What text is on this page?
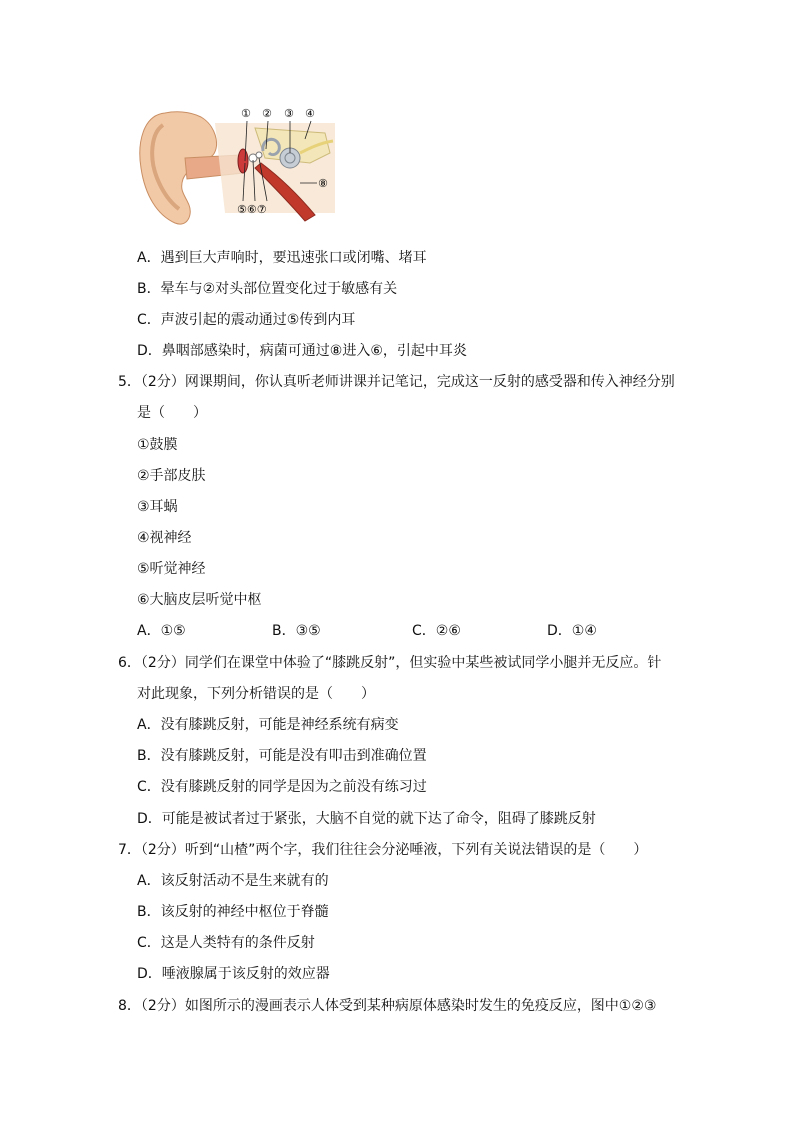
① ② ③ ④
⑤⑥⑦
⑧
A．遇到巨大声响时，要迅速张口或闭嘴、堵耳
B．晕车与②对头部位置变化过于敏感有关
C．声波引起的震动通过⑤传到内耳
D．鼻咽部感染时，病菌可通过⑧进入⑥，引起中耳炎
5．（2分）网课期间，你认真听老师讲课并记笔记，完成这一反射的感受器和传入神经分别
是（　　）
①鼓膜
②手部皮肤
③耳蜗
④视神经
⑤听觉神经
⑥大脑皮层听觉中枢
A．①⑤	B．③⑤	C．②⑥	D．①④
6．（2分）同学们在课堂中体验了“膝跳反射”，但实验中某些被试同学小腿并无反应。针
对此现象，下列分析错误的是（　　）
A．没有膝跳反射，可能是神经系统有病变
B．没有膝跳反射，可能是没有叩击到准确位置
C．没有膝跳反射的同学是因为之前没有练习过
D．可能是被试者过于紧张，大脑不自觉的就下达了命令，阻碍了膝跳反射
7．（2分）听到“山楂”两个字，我们往往会分泌唾液，下列有关说法错误的是（　　）
A．该反射活动不是生来就有的
B．该反射的神经中枢位于脊髓
C．这是人类特有的条件反射
D．唾液腺属于该反射的效应器
8．（2分）如图所示的漫画表示人体受到某种病原体感染时发生的免疫反应，图中①②③
